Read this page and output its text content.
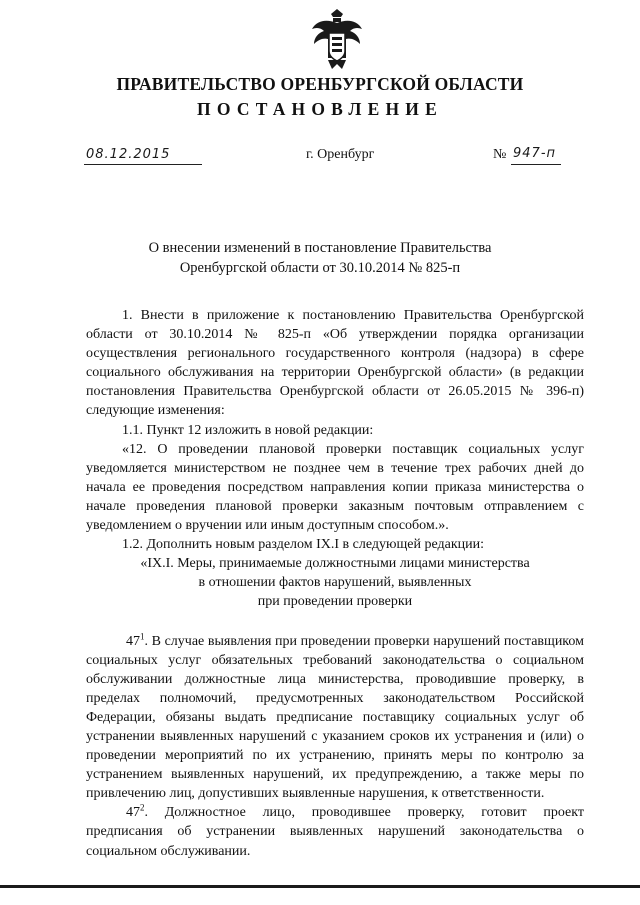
ПРАВИТЕЛЬСТВО ОРЕНБУРГСКОЙ ОБЛАСТИ
ПОСТАНОВЛЕНИЕ
08.12.2015	г. Оренбург	№ 947-п
О внесении изменений в постановление Правительства
Оренбургской области от 30.10.2014 № 825-п

1. Внести в приложение к постановлению Правительства Оренбургской области от 30.10.2014 № 825-п «Об утверждении порядка организации осуществления регионального государственного контроля (надзора) в сфере социального обслуживания на территории Оренбургской области» (в редакции постановления Правительства Оренбургской области от 26.05.2015 № 396-п) следующие изменения:

1.1. Пункт 12 изложить в новой редакции:

«12. О проведении плановой проверки поставщик социальных услуг уведомляется министерством не позднее чем в течение трех рабочих дней до начала ее проведения посредством направления копии приказа министерства о начале проведения плановой проверки заказным почтовым отправлением с уведомлением о вручении или иным доступным способом.».

1.2. Дополнить новым разделом IX.I в следующей редакции:

«IX.I. Меры, принимаемые должностными лицами министерства
в отношении фактов нарушений, выявленных
при проведении проверки

$47^1$. В случае выявления при проведении проверки нарушений поставщиком социальных услуг обязательных требований законодательства о социальном обслуживании должностные лица министерства, проводившие проверку, в пределах полномочий, предусмотренных законодательством Российской Федерации, обязаны выдать предписание поставщику социальных услуг об устранении выявленных нарушений с указанием сроков их устранения и (или) о проведении мероприятий по их устранению, принять меры по контролю за устранением выявленных нарушений, их предупреждению, а также меры по привлечению лиц, допустивших выявленные нарушения, к ответственности.

$47^2$. Должностное лицо, проводившее проверку, готовит проект предписания об устранении выявленных нарушений законодательства о социальном обслуживании.
